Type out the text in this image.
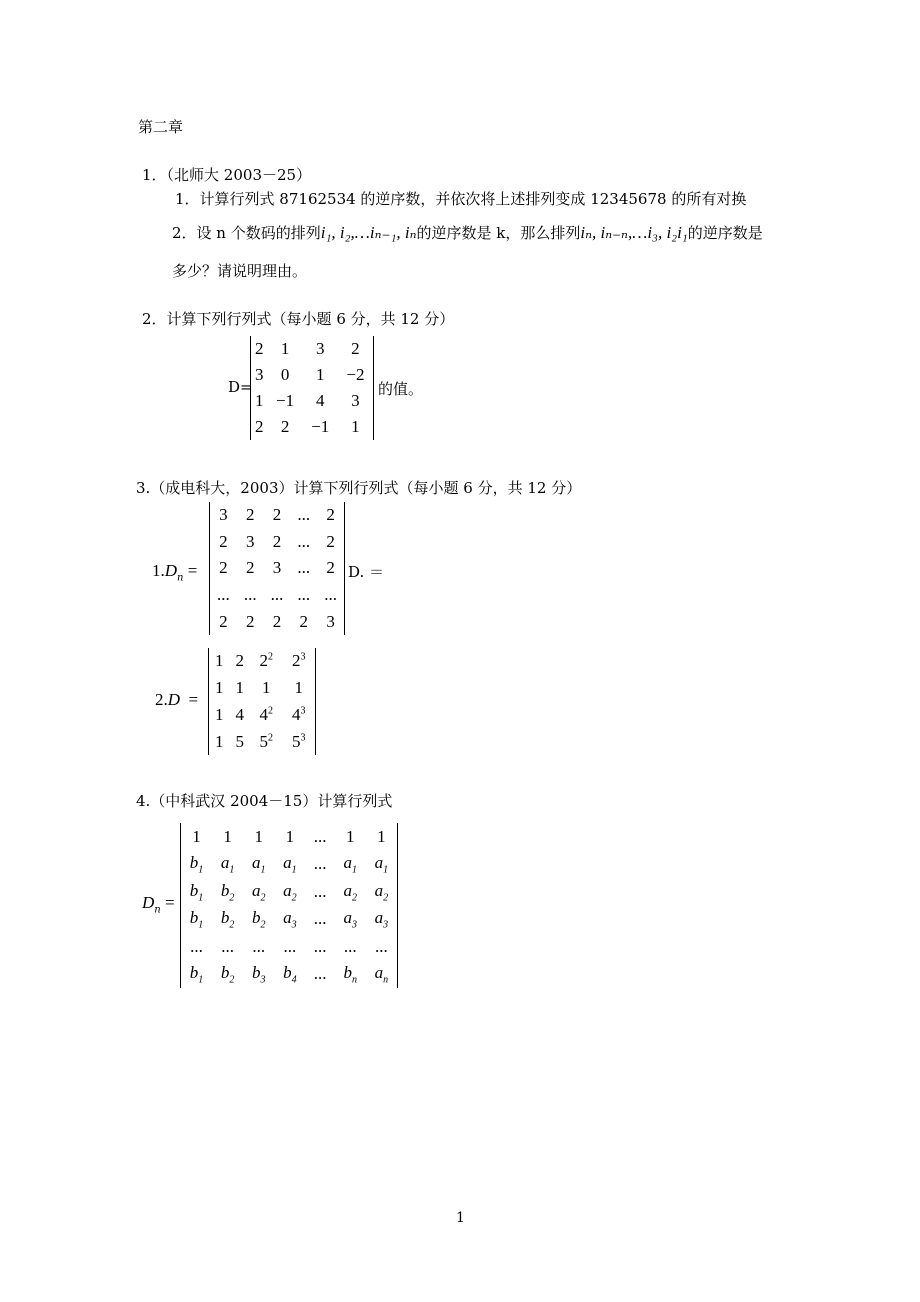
第二章
1．（北师大 2003－25）
1．计算行列式 87162534 的逆序数，并依次将上述排列变成 12345678 的所有对换
2．设 n 个数码的排列i₁, i₂,…iₙ₋₁, iₙ的逆序数是 k，那么排列iₙ, iₙ₋ₙ,…i₃, i₂i₁的逆序数是
多少？请说明理由。
2．计算下列行列式（每小题 6 分，共 12 分）
D=
2	1	3	2
3	0	1	−2
1	−1	4	3
2	2	−1	1
的值。
3.（成电科大，2003）计算下列行列式（每小题 6 分，共 12 分）
$1.D_n$ =
3	2	2	...	2
2	3	2	...	2
2	2	3	...	2
...	...	...	...	...
2	2	2	2	3
D. ＝
2.D  =
1	2	$2^2$	$2^3$
1	1	1	1
1	4	$4^2$	$4^3$
1	5	$5^2$	$5^3$
4.（中科武汉 2004－15）计算行列式
$D_n$ =
1	1	1	1	...	1	1
$b_1$	$a_1$	$a_1$	$a_1$	...	$a_1$	$a_1$
$b_1$	$b_2$	$a_2$	$a_2$	...	$a_2$	$a_2$
$b_1$	$b_2$	$b_2$	$a_3$	...	$a_3$	$a_3$
...	...	...	...	...	...	...
$b_1$	$b_2$	$b_3$	$b_4$	...	$b_n$	$a_n$
1
